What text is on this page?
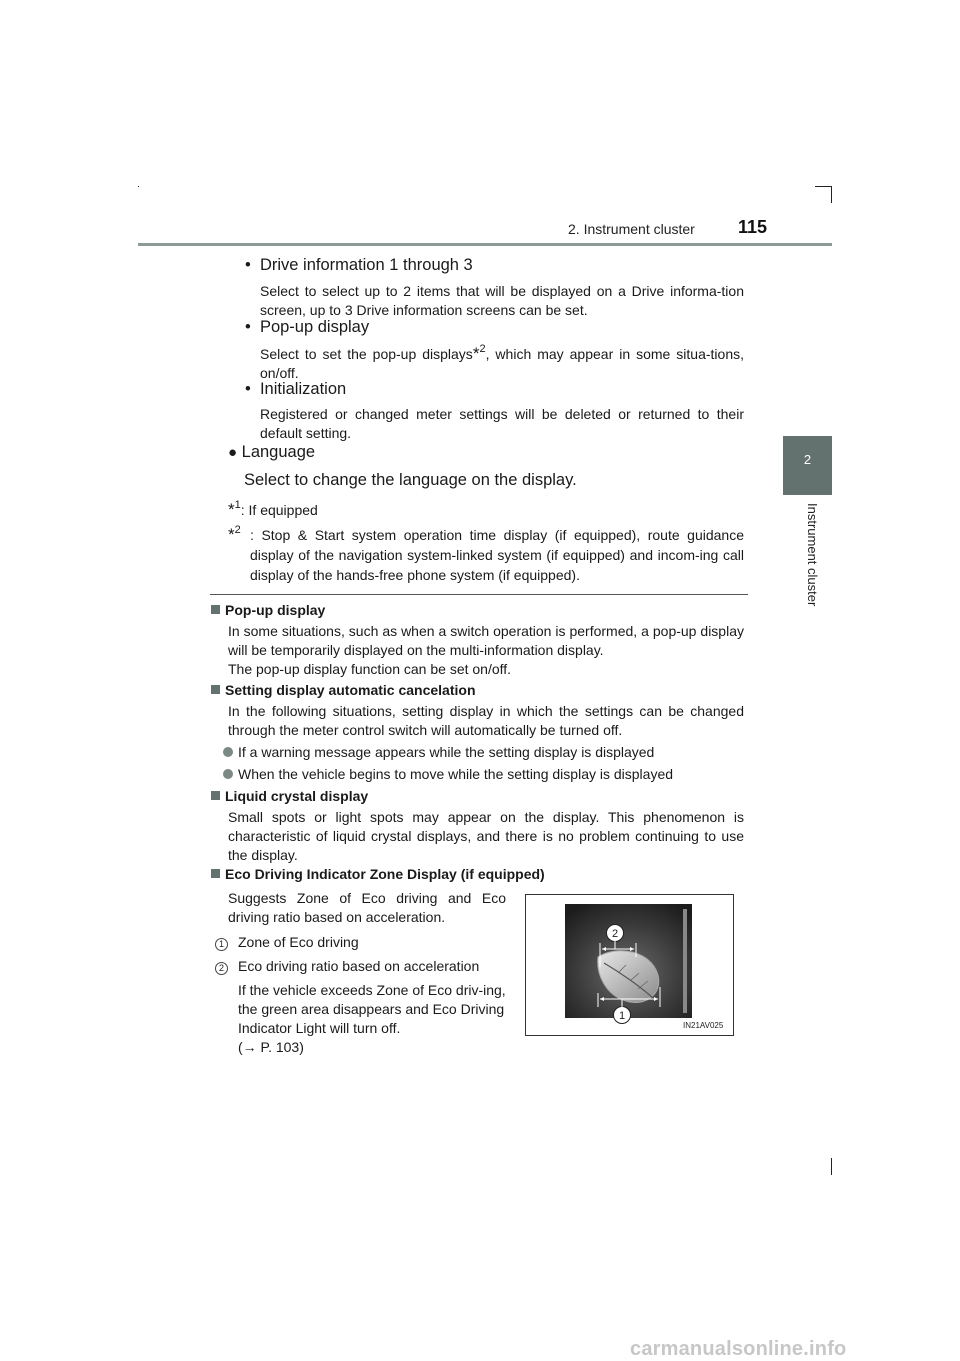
2. Instrument cluster 115
2
Instrument cluster
• Drive information 1 through 3
Select to select up to 2 items that will be displayed on a Drive informa-tion screen, up to 3 Drive information screens can be set.
• Pop-up display
Select to set the pop-up displays*$^2$, which may appear in some situa-tions, on/off.
• Initialization
Registered or changed meter settings will be deleted or returned to their default setting.
● Language
Select to change the language on the display.
*$^1$: If equipped
*$^2$ : Stop & Start system operation time display (if equipped), route guidance display of the navigation system-linked system (if equipped) and incom-ing call display of the hands-free phone system (if equipped).
Pop-up display
In some situations, such as when a switch operation is performed, a pop-up display will be temporarily displayed on the multi-information display.
The pop-up display function can be set on/off.
Setting display automatic cancelation
In the following situations, setting display in which the settings can be changed through the meter control switch will automatically be turned off.
If a warning message appears while the setting display is displayed
When the vehicle begins to move while the setting display is displayed
Liquid crystal display
Small spots or light spots may appear on the display. This phenomenon is characteristic of liquid crystal displays, and there is no problem continuing to use the display.
Eco Driving Indicator Zone Display (if equipped)
Suggests Zone of Eco driving and Eco driving ratio based on acceleration.
1 Zone of Eco driving
2 Eco driving ratio based on acceleration
If the vehicle exceeds Zone of Eco driv-ing, the green area disappears and Eco Driving Indicator Light will turn off.
(→ P. 103)
2
1
IN21AV025
carmanualsonline.info
